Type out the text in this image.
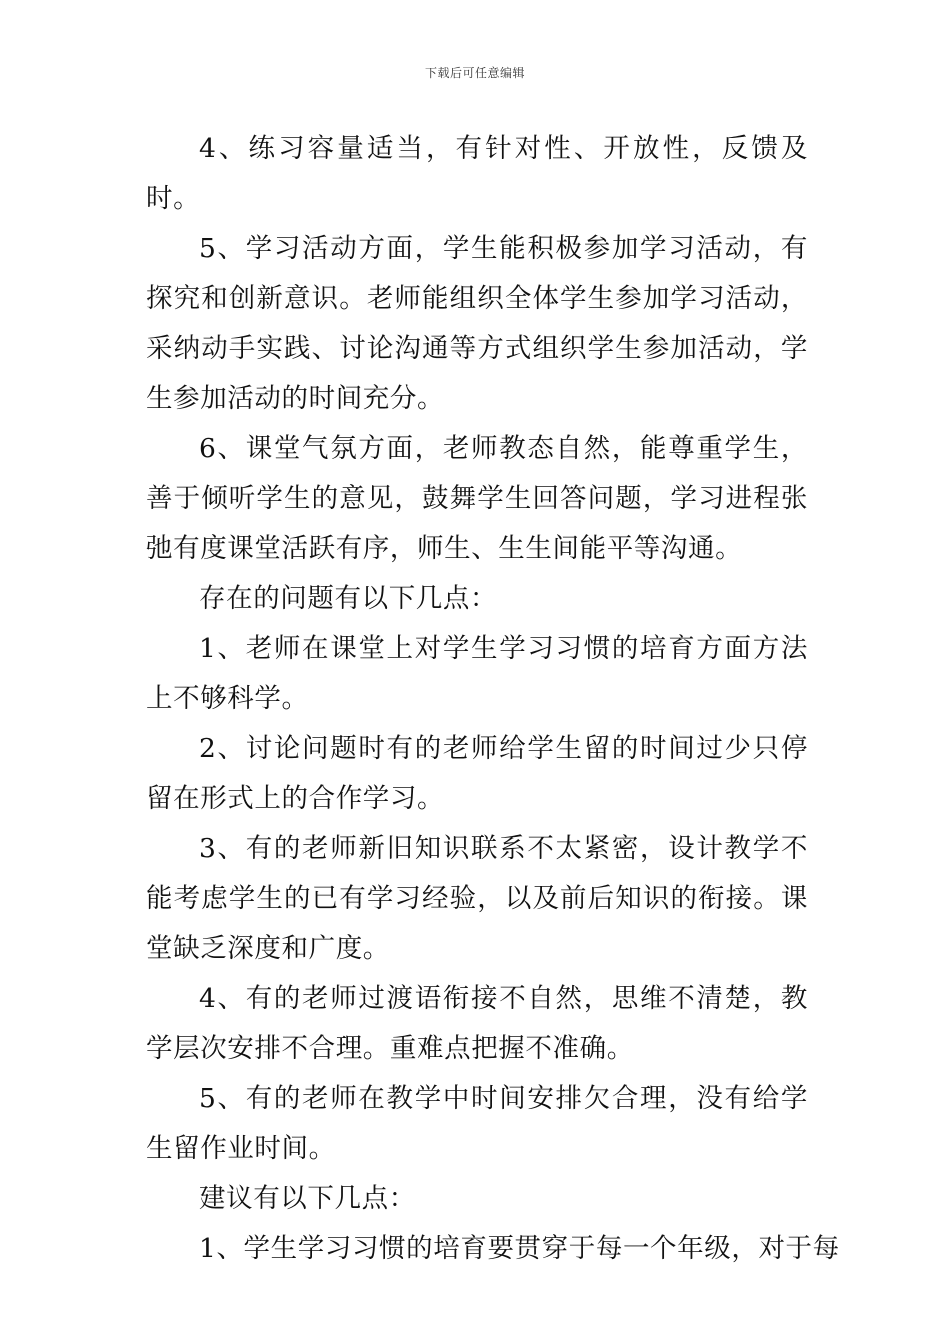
下载后可任意编辑

4、练习容量适当，有针对性、开放性，反馈及时。

5、学习活动方面，学生能积极参加学习活动，有探究和创新意识。老师能组织全体学生参加学习活动，采纳动手实践、讨论沟通等方式组织学生参加活动，学生参加活动的时间充分。

6、课堂气氛方面，老师教态自然，能尊重学生，善于倾听学生的意见，鼓舞学生回答问题，学习进程张弛有度课堂活跃有序，师生、生生间能平等沟通。

存在的问题有以下几点：

1、老师在课堂上对学生学习习惯的培育方面方法上不够科学。

2、讨论问题时有的老师给学生留的时间过少只停留在形式上的合作学习。

3、有的老师新旧知识联系不太紧密，设计教学不能考虑学生的已有学习经验，以及前后知识的衔接。课堂缺乏深度和广度。

4、有的老师过渡语衔接不自然，思维不清楚，教学层次安排不合理。重难点把握不准确。

5、有的老师在教学中时间安排欠合理，没有给学生留作业时间。

建议有以下几点：

1、学生学习习惯的培育要贯穿于每一个年级，对于每
